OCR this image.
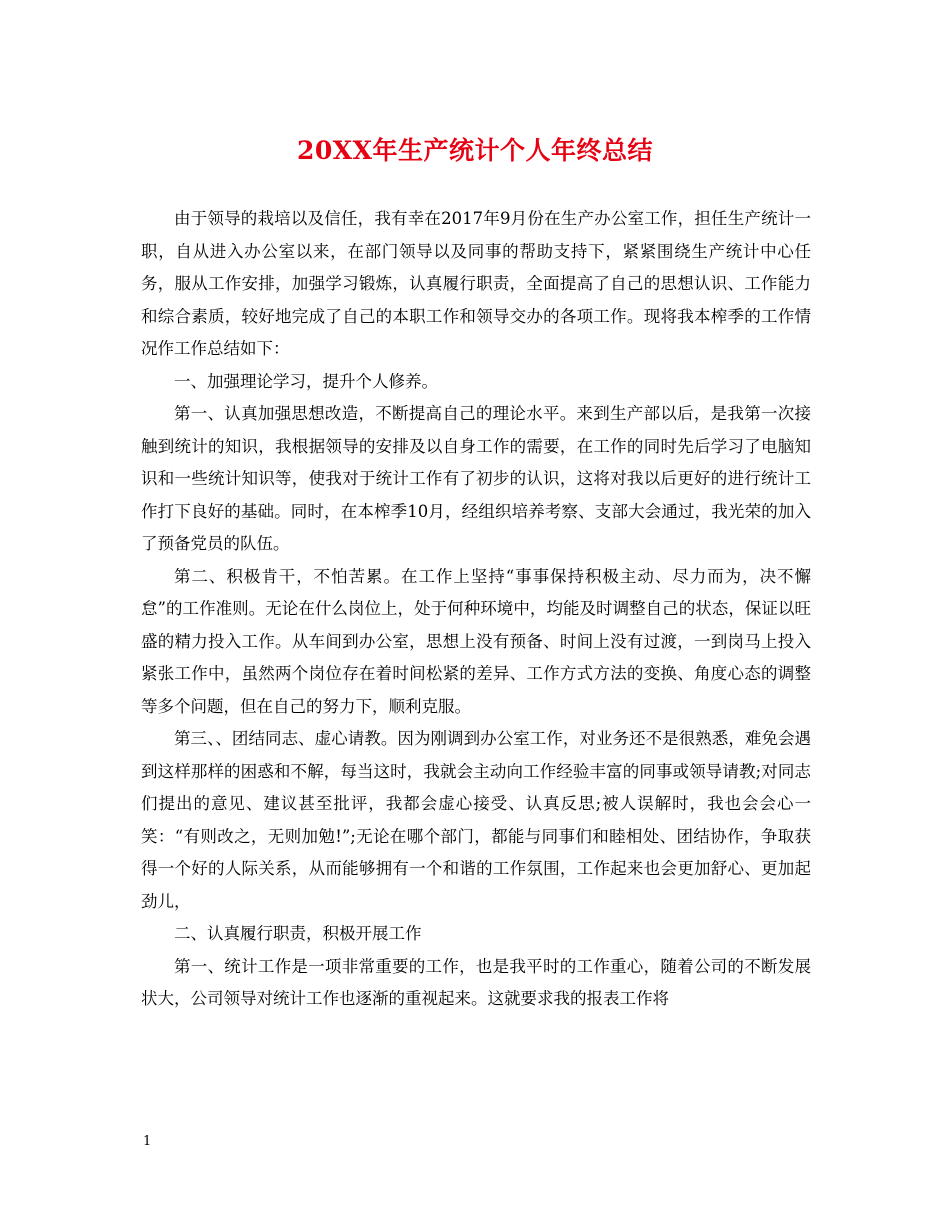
20XX年生产统计个人年终总结

由于领导的栽培以及信任，我有幸在2017年9月份在生产办公室工作，担任生产统计一职，自从进入办公室以来，在部门领导以及同事的帮助支持下，紧紧围绕生产统计中心任务，服从工作安排，加强学习锻炼，认真履行职责，全面提高了自己的思想认识、工作能力和综合素质，较好地完成了自己的本职工作和领导交办的各项工作。现将我本榨季的工作情况作工作总结如下：

一、加强理论学习，提升个人修养。

第一、认真加强思想改造，不断提高自己的理论水平。来到生产部以后，是我第一次接触到统计的知识，我根据领导的安排及以自身工作的需要，在工作的同时先后学习了电脑知识和一些统计知识等，使我对于统计工作有了初步的认识，这将对我以后更好的进行统计工作打下良好的基础。同时，在本榨季10月，经组织培养考察、支部大会通过，我光荣的加入了预备党员的队伍。

第二、积极肯干，不怕苦累。在工作上坚持“事事保持积极主动、尽力而为，决不懈怠”的工作准则。无论在什么岗位上，处于何种环境中，均能及时调整自己的状态，保证以旺盛的精力投入工作。从车间到办公室，思想上没有预备、时间上没有过渡，一到岗马上投入紧张工作中，虽然两个岗位存在着时间松紧的差异、工作方式方法的变换、角度心态的调整等多个问题，但在自己的努力下，顺利克服。

第三、、团结同志、虚心请教。因为刚调到办公室工作，对业务还不是很熟悉，难免会遇到这样那样的困惑和不解，每当这时，我就会主动向工作经验丰富的同事或领导请教;对同志们提出的意见、建议甚至批评，我都会虚心接受、认真反思;被人误解时，我也会会心一笑：“有则改之，无则加勉!”;无论在哪个部门，都能与同事们和睦相处、团结协作，争取获得一个好的人际关系，从而能够拥有一个和谐的工作氛围，工作起来也会更加舒心、更加起劲儿，

二、认真履行职责，积极开展工作

第一、统计工作是一项非常重要的工作，也是我平时的工作重心，随着公司的不断发展状大，公司领导对统计工作也逐渐的重视起来。这就要求我的报表工作将

1
